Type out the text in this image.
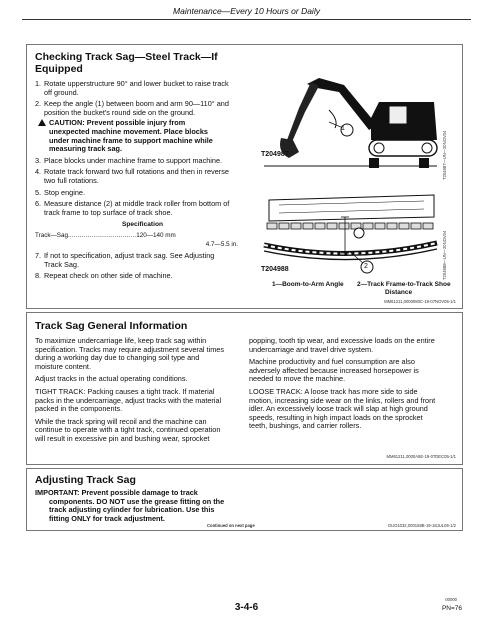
Maintenance—Every 10 Hours or Daily
Checking Track Sag—Steel Track—If
Equipped
1. Rotate upperstructure 90° and lower bucket to raise track
off ground.
2. Keep the angle (1) between boom and arm 90—110° and
position the bucket's round side on the ground.
CAUTION: Prevent possible injury from
unexpected machine movement. Place blocks
under machine frame to support machine while
measuring track sag.
3. Place blocks under machine frame to support machine.
4. Rotate track forward two full rotations and then in reverse
two full rotations.
5. Stop engine.
6. Measure distance (2) at middle track roller from bottom of
track frame to top surface of track shoe.
Specification
Track—Sag...................................120—140 mm
4.7—5.5 in.
7. If not to specification, adjust track sag. See Adjusting
Track Sag.
8. Repeat check on other side of machine.
1
T204987	T204987—UN—20NOV04
2
T204988	T204988—UN—20NOV04
1—Boom-to-Arm Angle 2—Track Frame-to-Track Shoe
Distance
MM61211,0000080C-19-07NOV05-1/1
Track Sag General Information
To maximize undercarriage life, keep track sag within
specification. Tracks may require adjustment several times
during a working day due to changing soil type and
moisture content.
Adjust tracks in the actual operating conditions.
TIGHT TRACK: Packing causes a tight track. If material
packs in the undercarriage, adjust tracks with the material
packed in the components.
While the track spring will recoil and the machine can
continue to operate with a tight track, continued operation
will result in excessive pin and bushing wear, sprocket
popping, tooth tip wear, and excessive loads on the entire
undercarriage and travel drive system.
Machine productivity and fuel consumption are also
adversely affected because increased horsepower is
needed to move the machine.
LOOSE TRACK: A loose track has more side to side
motion, increasing side wear on the links, rollers and front
idler. An excessively loose track will slap at high ground
speeds, resulting in high impact loads on the sprocket
teeth, bushings, and carrier rollers.
MM61211,0000A5E-19-07DEC05-1/1
Adjusting Track Sag
IMPORTANT: Prevent possible damage to track
components. DO NOT use the grease fitting on the
track adjusting cylinder for lubrication. Use this
fitting ONLY for track adjustment.
Continued on next page	OUO1032,000158B-19-18JUL06-1/2
00000
3-4-6	PN=76
